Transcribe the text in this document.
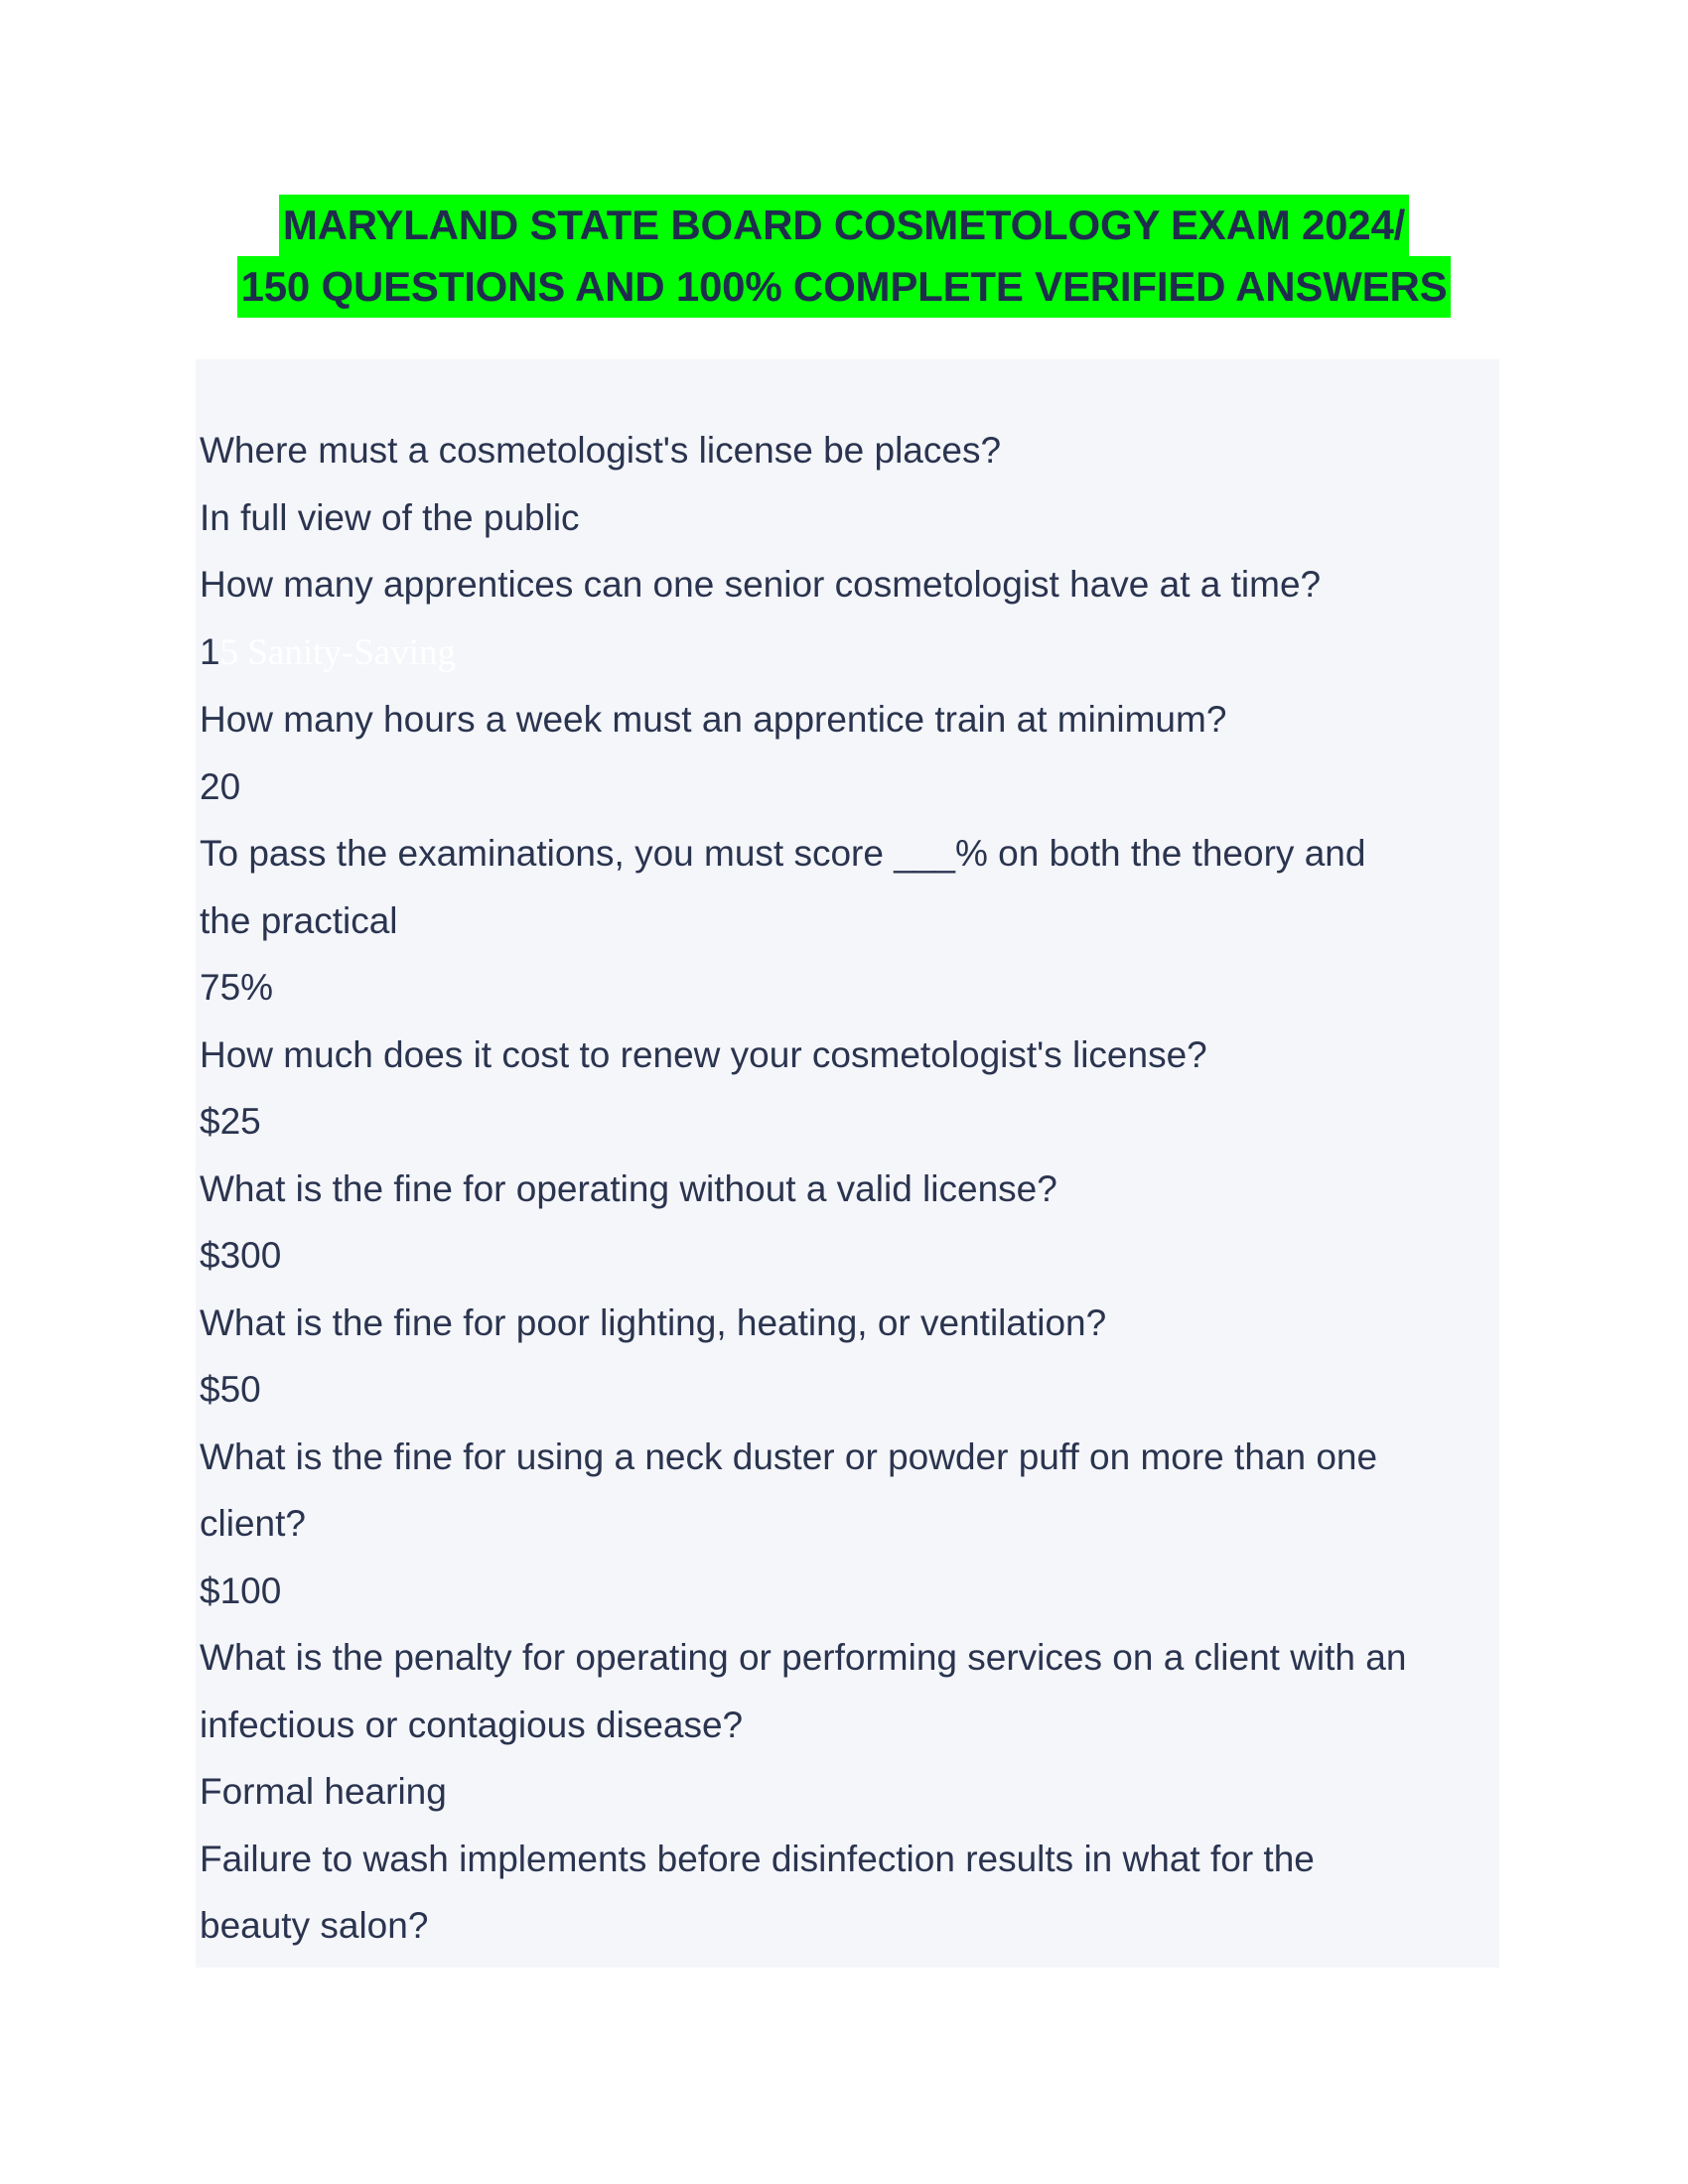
MARYLAND STATE BOARD COSMETOLOGY EXAM 2024/
150 QUESTIONS AND 100% COMPLETE VERIFIED ANSWERS
Where must a cosmetologist's license be places?
In full view of the public
How many apprentices can one senior cosmetologist have at a time?
15 Sanity-Saving
How many hours a week must an apprentice train at minimum?
20
To pass the examinations, you must score ___% on both the theory and
the practical
75%
How much does it cost to renew your cosmetologist's license?
$25
What is the fine for operating without a valid license?
$300
What is the fine for poor lighting, heating, or ventilation?
$50
What is the fine for using a neck duster or powder puff on more than one
client?
$100
What is the penalty for operating or performing services on a client with an
infectious or contagious disease?
Formal hearing
Failure to wash implements before disinfection results in what for the
beauty salon?
